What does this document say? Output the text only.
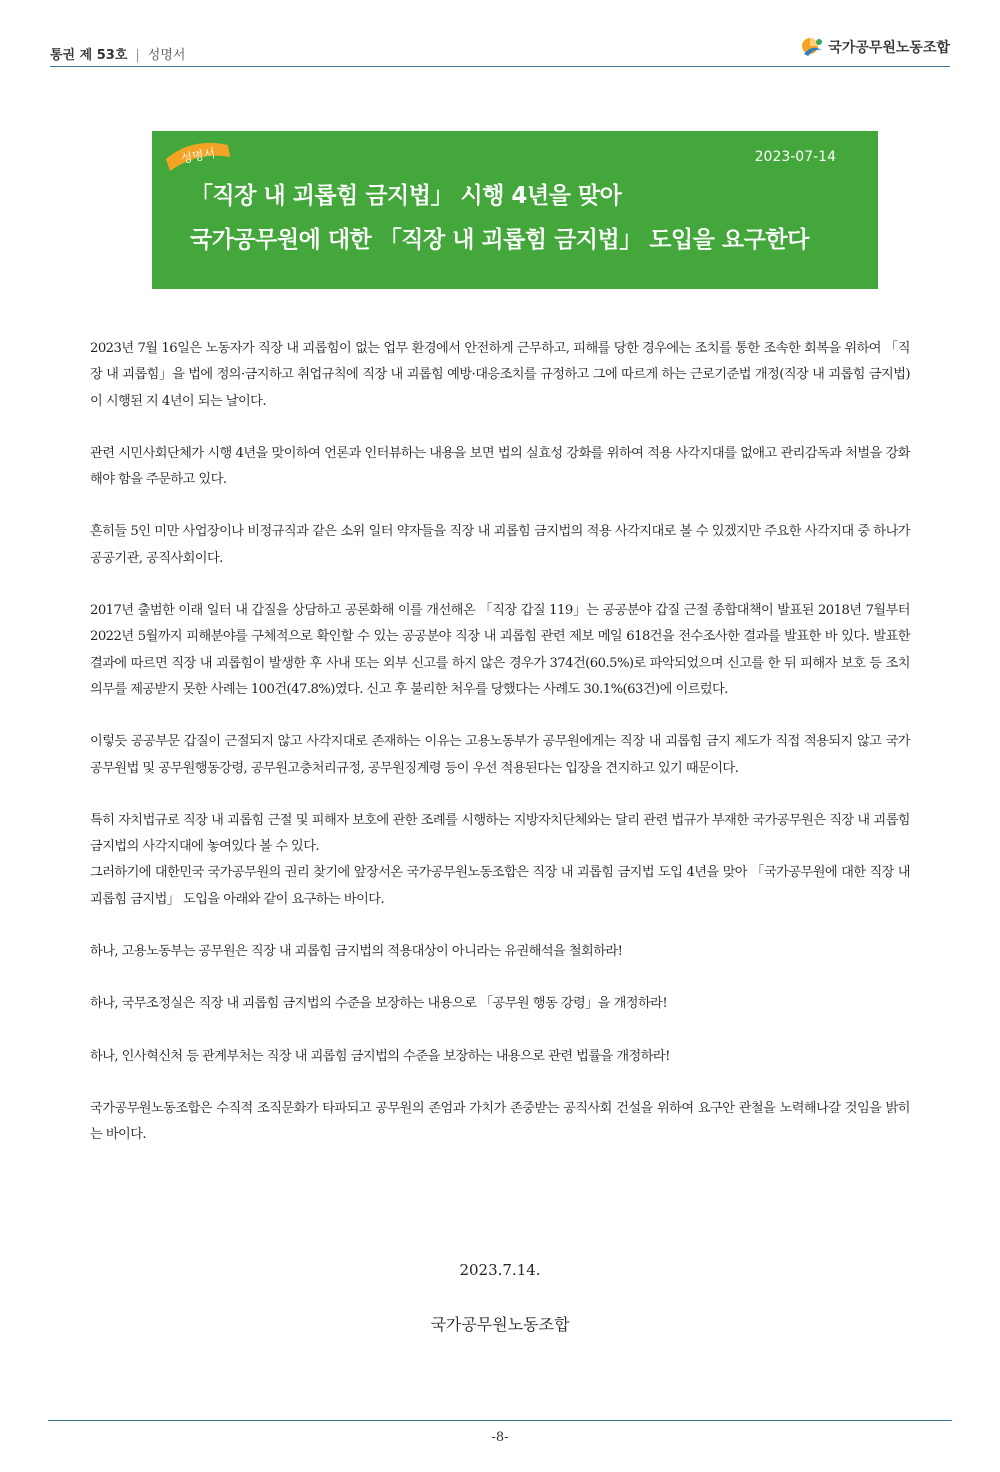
통권 제 53호 | 성명서	국가공무원노동조합
성명서	2023-07-14
「직장 내 괴롭힘 금지법」 시행 4년을 맞아
국가공무원에 대한 「직장 내 괴롭힘 금지법」 도입을 요구한다

2023년 7월 16일은 노동자가 직장 내 괴롭힘이 없는 업무 환경에서 안전하게 근무하고, 피해를 당한 경우에는 조치를 통한 조속한 회복을 위하여 「직장 내 괴롭힘」을 법에 정의·금지하고 취업규칙에 직장 내 괴롭힘 예방·대응조치를 규정하고 그에 따르게 하는 근로기준법 개정(직장 내 괴롭힘 금지법)이 시행된 지 4년이 되는 날이다.

관련 시민사회단체가 시행 4년을 맞이하여 언론과 인터뷰하는 내용을 보면 법의 실효성 강화를 위하여 적용 사각지대를 없애고 관리감독과 처벌을 강화해야 함을 주문하고 있다.

흔히들 5인 미만 사업장이나 비정규직과 같은 소위 일터 약자들을 직장 내 괴롭힘 금지법의 적용 사각지대로 볼 수 있겠지만 주요한 사각지대 중 하나가 공공기관, 공직사회이다.

2017년 출범한 이래 일터 내 갑질을 상담하고 공론화해 이를 개선해온 「직장 갑질 119」는 공공분야 갑질 근절 종합대책이 발표된 2018년 7월부터 2022년 5월까지 피해분야를 구체적으로 확인할 수 있는 공공분야 직장 내 괴롭힘 관련 제보 메일 618건을 전수조사한 결과를 발표한 바 있다. 발표한 결과에 따르면 직장 내 괴롭힘이 발생한 후 사내 또는 외부 신고를 하지 않은 경우가 374건(60.5%)로 파악되었으며 신고를 한 뒤 피해자 보호 등 조치 의무를 제공받지 못한 사례는 100건(47.8%)였다. 신고 후 불리한 처우를 당했다는 사례도 30.1%(63건)에 이르렀다.

이렇듯 공공부문 갑질이 근절되지 않고 사각지대로 존재하는 이유는 고용노동부가 공무원에게는 직장 내 괴롭힘 금지 제도가 직접 적용되지 않고 국가공무원법 및 공무원행동강령, 공무원고충처리규정, 공무원징계령 등이 우선 적용된다는 입장을 견지하고 있기 때문이다.

특히 자치법규로 직장 내 괴롭힘 근절 및 피해자 보호에 관한 조례를 시행하는 지방자치단체와는 달리 관련 법규가 부재한 국가공무원은 직장 내 괴롭힘 금지법의 사각지대에 놓여있다 볼 수 있다.

그러하기에 대한민국 국가공무원의 권리 찾기에 앞장서온 국가공무원노동조합은 직장 내 괴롭힘 금지법 도입 4년을 맞아 「국가공무원에 대한 직장 내 괴롭힘 금지법」 도입을 아래와 같이 요구하는 바이다.

하나, 고용노동부는 공무원은 직장 내 괴롭힘 금지법의 적용대상이 아니라는 유권해석을 철회하라!

하나, 국무조정실은 직장 내 괴롭힘 금지법의 수준을 보장하는 내용으로 「공무원 행동 강령」을 개정하라!

하나, 인사혁신처 등 관계부처는 직장 내 괴롭힘 금지법의 수준을 보장하는 내용으로 관련 법률을 개정하라!

국가공무원노동조합은 수직적 조직문화가 타파되고 공무원의 존엄과 가치가 존중받는 공직사회 건설을 위하여 요구안 관철을 노력해나갈 것임을 밝히는 바이다.

2023.7.14.
국가공무원노동조합
-8-
